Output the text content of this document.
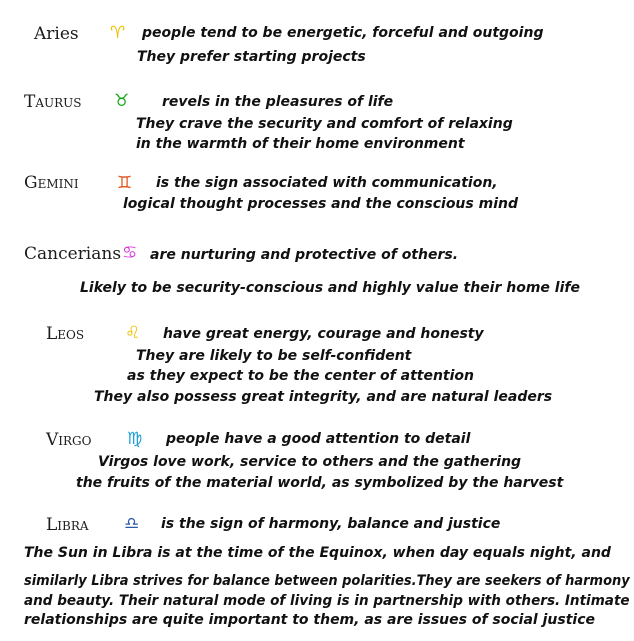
Aries ♈ people tend to be energetic, forceful and outgoing
They prefer starting projects
Taurus ♉ revels in the pleasures of life
They crave the security and comfort of relaxing
in the warmth of their home environment
Gemini ♊ is the sign associated with communication,
logical thought processes and the conscious mind
Cancerians ♋ are nurturing and protective of others.
Likely to be security-conscious and highly value their home life
Leos ♌ have great energy, courage and honesty
They are likely to be self-confident
as they expect to be the center of attention
They also possess great integrity, and are natural leaders
Virgo ♍ people have a good attention to detail
Virgos love work, service to others and the gathering
the fruits of the material world, as symbolized by the harvest
Libra ♎ is the sign of harmony, balance and justice
The Sun in Libra is at the time of the Equinox, when day equals night, and
similarly Libra strives for balance between polarities.They are seekers of harmony
and beauty. Their natural mode of living is in partnership with others. Intimate
relationships are quite important to them, as are issues of social justice
